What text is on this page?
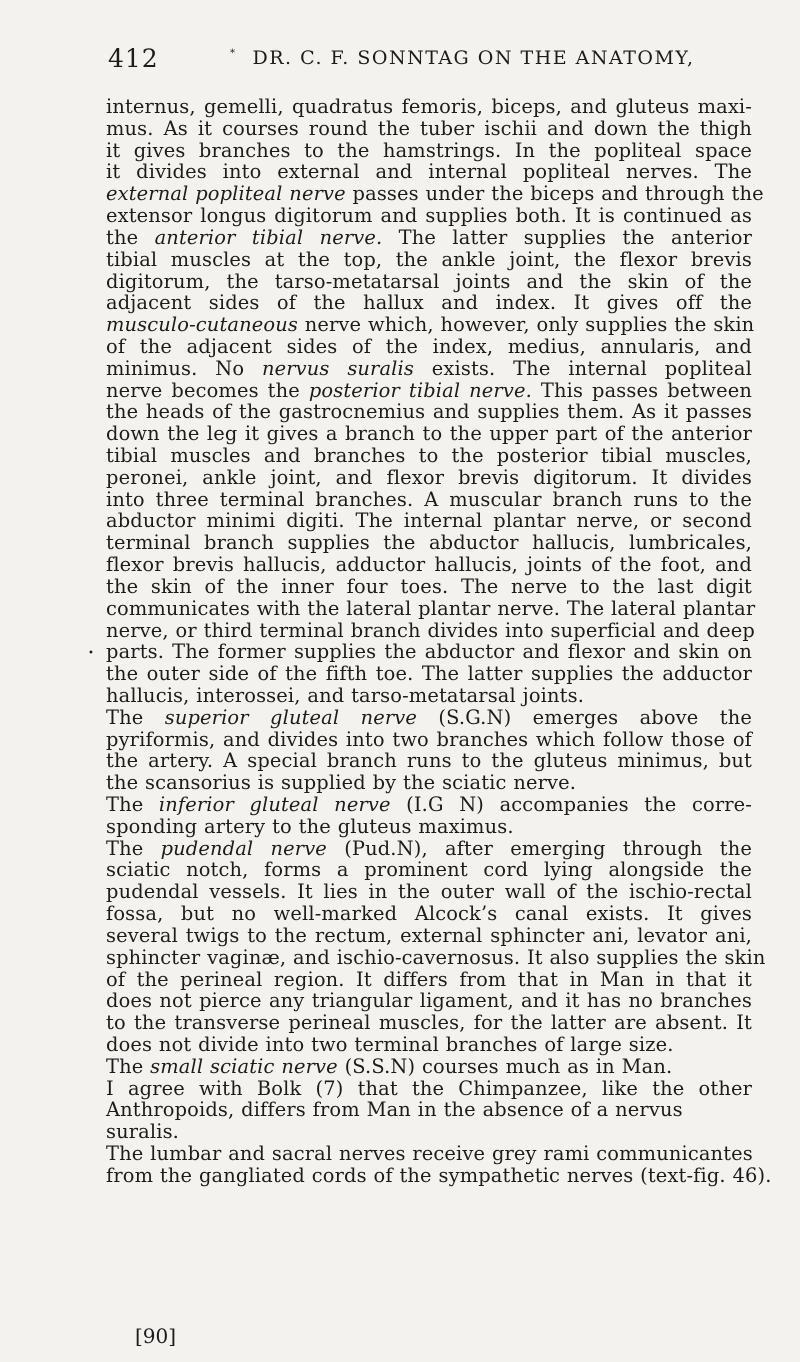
412	* DR. C. F. SONNTAG ON THE ANATOMY,
•
internus, gemelli, quadratus femoris, biceps, and gluteus maxi-
mus. As it courses round the tuber ischii and down the thigh
it gives branches to the hamstrings. In the popliteal space
it divides into external and internal popliteal nerves. The
external popliteal nerve passes under the biceps and through the
extensor longus digitorum and supplies both. It is continued as
the anterior tibial nerve. The latter supplies the anterior
tibial muscles at the top, the ankle joint, the flexor brevis
digitorum, the tarso-metatarsal joints and the skin of the
adjacent sides of the hallux and index. It gives off the
musculo-cutaneous nerve which, however, only supplies the skin
of the adjacent sides of the index, medius, annularis, and
minimus. No nervus suralis exists. The internal popliteal
nerve becomes the posterior tibial nerve. This passes between
the heads of the gastrocnemius and supplies them. As it passes
down the leg it gives a branch to the upper part of the anterior
tibial muscles and branches to the posterior tibial muscles,
peronei, ankle joint, and flexor brevis digitorum. It divides
into three terminal branches. A muscular branch runs to the
abductor minimi digiti. The internal plantar nerve, or second
terminal branch supplies the abductor hallucis, lumbricales,
flexor brevis hallucis, adductor hallucis, joints of the foot, and
the skin of the inner four toes. The nerve to the last digit
communicates with the lateral plantar nerve. The lateral plantar
nerve, or third terminal branch divides into superficial and deep
parts. The former supplies the abductor and flexor and skin on
the outer side of the fifth toe. The latter supplies the adductor
hallucis, interossei, and tarso-metatarsal joints.
The superior gluteal nerve (S.G.N) emerges above the
pyriformis, and divides into two branches which follow those of
the artery. A special branch runs to the gluteus minimus, but
the scansorius is supplied by the sciatic nerve.
The inferior gluteal nerve (I.G N) accompanies the corre-
sponding artery to the gluteus maximus.
The pudendal nerve (Pud.N), after emerging through the
sciatic notch, forms a prominent cord lying alongside the
pudendal vessels. It lies in the outer wall of the ischio-rectal
fossa, but no well-marked Alcock’s canal exists. It gives
several twigs to the rectum, external sphincter ani, levator ani,
sphincter vaginæ, and ischio-cavernosus. It also supplies the skin
of the perineal region. It differs from that in Man in that it
does not pierce any triangular ligament, and it has no branches
to the transverse perineal muscles, for the latter are absent. It
does not divide into two terminal branches of large size.
The small sciatic nerve (S.S.N) courses much as in Man.
I agree with Bolk (7) that the Chimpanzee, like the other
Anthropoids, differs from Man in the absence of a nervus
suralis.
The lumbar and sacral nerves receive grey rami communicantes
from the gangliated cords of the sympathetic nerves (text-fig. 46).
[90]
